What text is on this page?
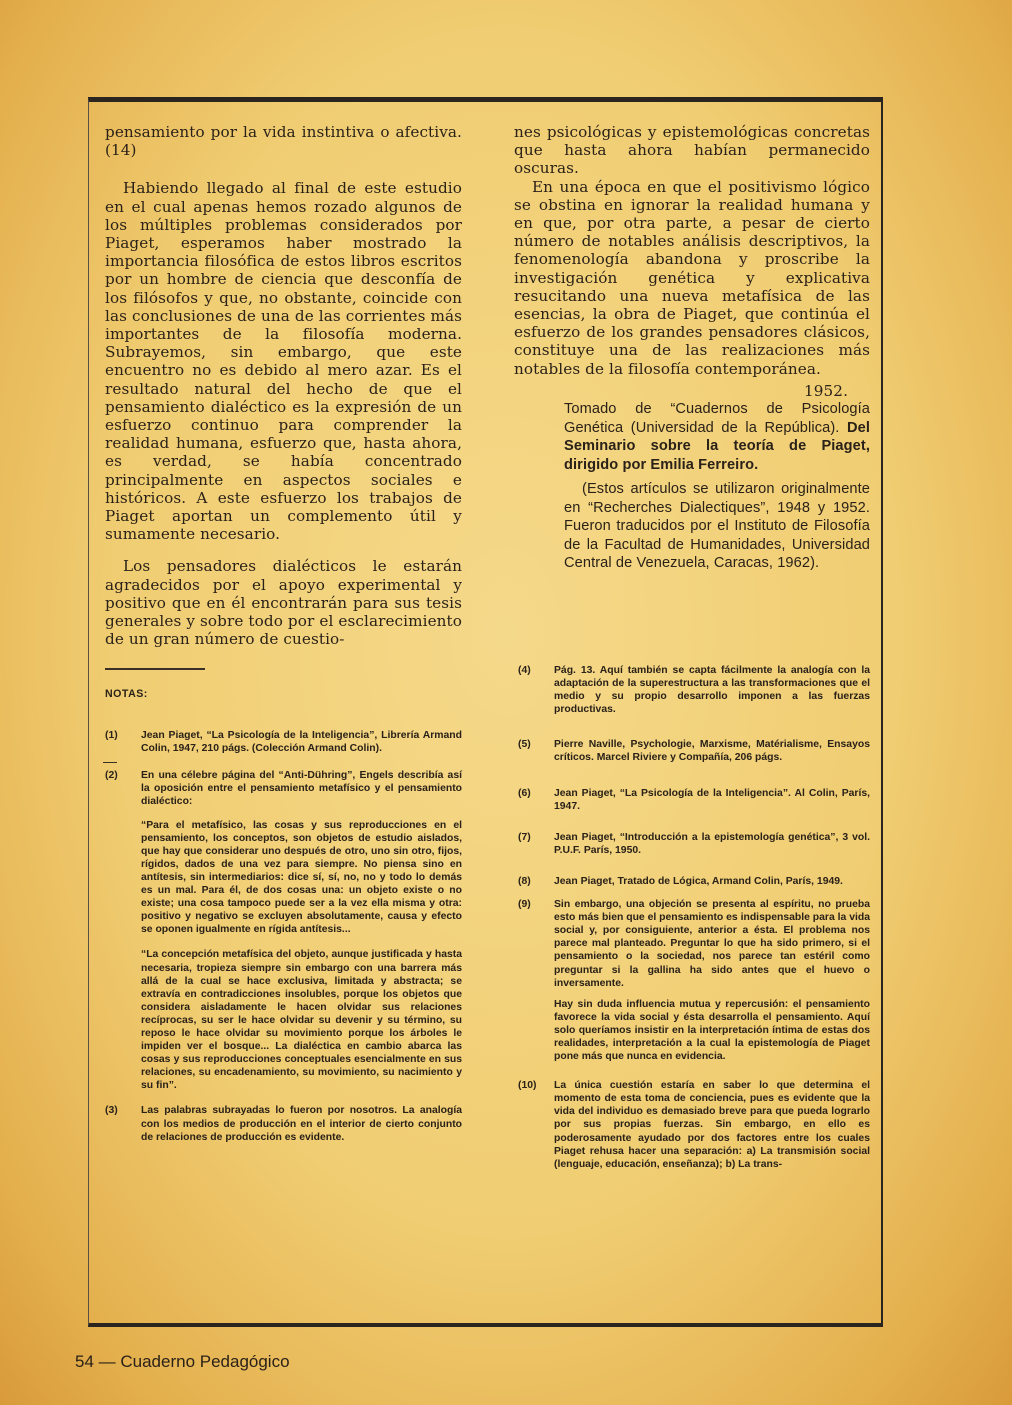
pensamiento por la vida instintiva o afectiva. (14)

Habiendo llegado al final de este estudio en el cual apenas hemos rozado algunos de los múltiples problemas considerados por Piaget, esperamos haber mostrado la importancia filosófica de estos libros escritos por un hombre de ciencia que desconfía de los filósofos y que, no obstante, coincide con las conclusiones de una de las corrientes más importantes de la filosofía moderna. Subrayemos, sin embargo, que este encuentro no es debido al mero azar. Es el resultado natural del hecho de que el pensamiento dialéctico es la expresión de un esfuerzo continuo para comprender la realidad humana, esfuerzo que, hasta ahora, es verdad, se había concentrado principalmente en aspectos sociales e históricos. A este esfuerzo los trabajos de Piaget aportan un complemento útil y sumamente necesario.

Los pensadores dialécticos le estarán agradecidos por el apoyo experimental y positivo que en él encontrarán para sus tesis generales y sobre todo por el esclarecimiento de un gran número de cuestio-

nes psicológicas y epistemológicas concretas que hasta ahora habían permanecido oscuras.

En una época en que el positivismo lógico se obstina en ignorar la realidad humana y en que, por otra parte, a pesar de cierto número de notables análisis descriptivos, la fenomenología abandona y proscribe la investigación genética y explicativa resucitando una nueva metafísica de las esencias, la obra de Piaget, que continúa el esfuerzo de los grandes pensadores clásicos, constituye una de las realizaciones más notables de la filosofía contemporánea.

1952.

Tomado de “Cuadernos de Psicología Genética (Universidad de la República). Del Seminario sobre la teoría de Piaget, dirigido por Emilia Ferreiro.

(Estos artículos se utilizaron originalmente en “Recherches Dialectiques”, 1948 y 1952. Fueron traducidos por el Instituto de Filosofía de la Facultad de Humanidades, Universidad Central de Venezuela, Caracas, 1962).

NOTAS:
(1)	Jean Piaget, “La Psicología de la Inteligencia”, Librería Armand Colin, 1947, 210 págs. (Colección Armand Colin).
(2)	En una célebre página del “Anti-Dühring”, Engels describía así la oposición entre el pensamiento metafísico y el pensamiento dialéctico:
“Para el metafísico, las cosas y sus reproducciones en el pensamiento, los conceptos, son objetos de estudio aislados, que hay que considerar uno después de otro, uno sin otro, fijos, rígidos, dados de una vez para siempre. No piensa sino en antítesis, sin intermediarios: dice sí, sí, no, no y todo lo demás es un mal. Para él, de dos cosas una: un objeto existe o no existe; una cosa tampoco puede ser a la vez ella misma y otra: positivo y negativo se excluyen absolutamente, causa y efecto se oponen igualmente en rígida antítesis...
“La concepción metafísica del objeto, aunque justificada y hasta necesaria, tropieza siempre sin embargo con una barrera más allá de la cual se hace exclusiva, limitada y abstracta; se extravía en contradicciones insolubles, porque los objetos que considera aisladamente le hacen olvidar sus relaciones recíprocas, su ser le hace olvidar su devenir y su término, su reposo le hace olvidar su movimiento porque los árboles le impiden ver el bosque... La dialéctica en cambio abarca las cosas y sus reproducciones conceptuales esencialmente en sus relaciones, su encadenamiento, su movimiento, su nacimiento y su fin”.
(3)	Las palabras subrayadas lo fueron por nosotros. La analogía con los medios de producción en el interior de cierto conjunto de relaciones de producción es evidente.
(4)	Pág. 13. Aquí también se capta fácilmente la analogía con la adaptación de la superestructura a las transformaciones que el medio y su propio desarrollo imponen a las fuerzas productivas.
(5)	Pierre Naville, Psychologie, Marxisme, Matérialisme, Ensayos críticos. Marcel Riviere y Compañía, 206 págs.
(6)	Jean Piaget, “La Psicología de la Inteligencia”. Al Colin, París, 1947.
(7)	Jean Piaget, “Introducción a la epistemología genética”, 3 vol. P.U.F. París, 1950.
(8)	Jean Piaget, Tratado de Lógica, Armand Colin, París, 1949.
(9)	Sin embargo, una objeción se presenta al espíritu, no prueba esto más bien que el pensamiento es indispensable para la vida social y, por consiguiente, anterior a ésta. El problema nos parece mal planteado. Preguntar lo que ha sido primero, si el pensamiento o la sociedad, nos parece tan estéril como preguntar si la gallina ha sido antes que el huevo o inversamente.
Hay sin duda influencia mutua y repercusión: el pensamiento favorece la vida social y ésta desarrolla el pensamiento. Aquí solo queríamos insistir en la interpretación íntima de estas dos realidades, interpretación a la cual la epistemología de Piaget pone más que nunca en evidencia.
(10)	La única cuestión estaría en saber lo que determina el momento de esta toma de conciencia, pues es evidente que la vida del individuo es demasiado breve para que pueda lograrlo por sus propias fuerzas. Sin embargo, en ello es poderosamente ayudado por dos factores entre los cuales Piaget rehusa hacer una separación: a) La transmisión social (lenguaje, educación, enseñanza); b) La trans-
54 — Cuaderno Pedagógico
